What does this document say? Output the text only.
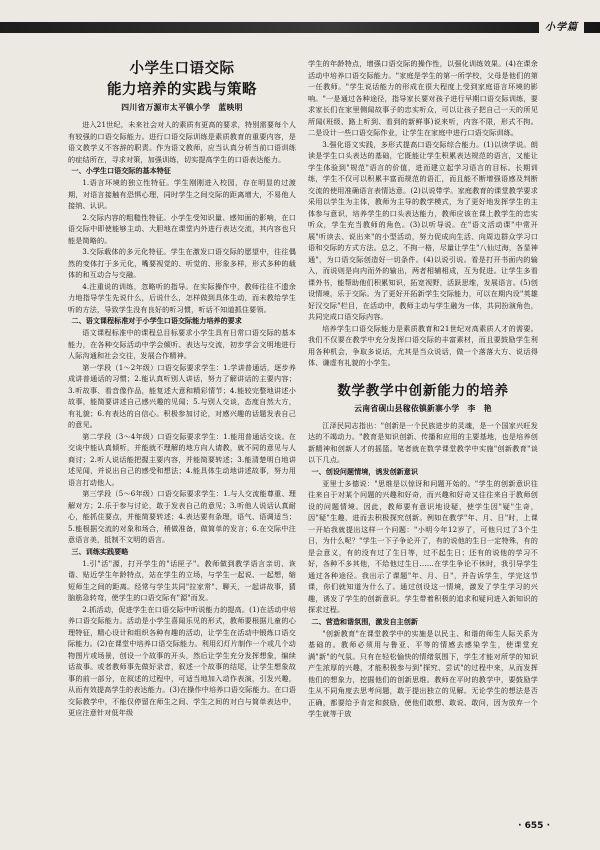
小学篇
小学生口语交际
能力培养的实践与策略
四川省万源市太平镇小学　蓝映明

进入21世纪，未来社会对人的素质有更高的要求，特别需要每个人有较强的口语交际能力。进行口语交际训练是素质教育的重要内容，是语文教学义不容辞的职责。作为语文教师，应当认真分析当前口语训练的症结所在，寻求对策，加强训练，切实提高学生的口语表达能力。

一、小学生口语交际的基本特征

1.语言环境的独立性特征。学生刚刚进入校园，存在明显的过渡期，对语言接触有恐惧心理，同时学生之间交际的距离增大，不易他人接纳、认识。

2.交际内容的粗糙性特征。小学生受知识量、感知面的影响，在口语交际中即使能够主动、大胆地在课堂内外进行表达交流，其内容也只能是简略的。

3.交际载体的多元化特征。学生在激发口语交际的愿望中，往往偶然的变体打于多元化，嘴要视觉的、听觉的、形象多样，形式多种的载体的和互动合与交融。

4.注重说的训练，忽略听的指导。在实际操作中，教师往往不遗余力地指导学生先说什么，后说什么，怎样做到具体生动，而未教给学生听的方法，导致学生没有良好的听习惯，听话不知道抓住要领。

二、语文课程标准对于小学生口语交际能力培养的要求

语文课程标准中的课程总目标要求小学生具有日常口语交际的基本能力，在各种交际活动中学会倾听、表达与交流，初步学会文明地进行人际沟通和社会交往，发展合作精神。

第一学段（1～2年级）口语交际要求学生：1.学讲普通话，逐步养成讲普通话的习惯；2.能认真听别人讲话，努力了解讲话的主要内容；3.听故事、看音像作品，能复述大意和精彩情节；4.能较完整地讲述小故事，能简要讲述自己感兴趣的见闻；5.与别人交谈，态度自然大方，有礼貌；6.有表达的自信心。积极参加讨论，对感兴趣的话题发表自己的意见。

第二学段（3～4年级）口语交际要求学生：1.能用普通话交谈。在交谈中能认真倾听，并能就不理解的地方向人请教，就不同的意见与人商讨；2.听人说话能把握主要内容，并能简要转述；3.能清楚明白地讲述见闻，并说出自己的感受和想法；4.能具体生动地讲述故事，努力用语言打动他人。

第三学段（5～6年级）口语交际要求学生：1.与人交流能尊重、理解对方；2.乐于参与讨论，敢于发表自己的意见；3.听他人说话认真耐心，能抓住要点，并能简要转述；4.表达要有条理，语气、语调适当；5.能根据交流的对象和场合，稍做准备，做简单的发言；6.在交际中注意语言美，抵制不文明的语言。

三、训练实践要略

1.引"活"源，打开学生的"话匣子"。教师做到教学语言亲切、诙谐、贴近学生年龄特点，站在学生的立场，与学生一起说、一起想，缩短师生之间的距离。经常与学生共同"拉家常"、聊天，一起讲故事，猜脑筋急转弯，使学生的口语交际有"源"而发。

2.抓活动，促进学生在口语交际中听说能力的提高。(1)在活动中培养口语交际能力。活动是小学生喜闻乐见的形式，教师要根据儿童的心理特征，精心设计和组织各种有趣的活动，让学生在活动中锻炼口语交际能力。(2)在课堂中培养口语交际能力。利用幻灯片制作一个或几个动物图片或场景，创设一个故事的开头，然后让学生充分发挥想象，编续话故事。或者教师事先做好录音，叙述一个故事的结尾，让学生想象故事的前一部分，在叙述的过程中，可适当地加入动作表演，引发兴趣，从而有效提高学生的表达能力。(3)在操作中培养口语交际能力。在口语交际教学中，不能仅停留在师生之间、学生之间的对白与简单表达中，更应注意针对低年级

学生的年龄特点，增强口语交际的操作性，以强化训练效果。(4)在课余活动中培养口语交际能力。"家庭是学生的第一所学校，父母是他们的第一任教师。"学生说话能力的形成在很大程度上受到家庭语言环境的影响。"一是通过各种途径，指导家长要对孩子进行早期口语交际训练，要求家长们在家里侧闻故事子的忠实听众，可以让孩子把自己一天的所见所闻(班级、路上听到、看到的新鲜事)说来听，内容不限，形式不拘。二是设计一些口语交际作业，让学生在家庭中进行口语交际训练。

3.强化语文实践，多形式提高口语交际综合能力。(1)以读学说。朗读是学生口头表达的基础，它既能让学生积累表达规范的语言，又能让学生体验到"规范"语言的价值，进而建立起学习语言的目标。长期训练，学生不仅可以积累丰富而规范的语汇，而且能不断增强语感及判断交流的使用准确语言表情达意。(2)以说带学。家庭教育的课堂教学要求采用以学生为主体，教师为主导的教学模式，为了更好地发挥学生的主体参与意识，培养学生的口头表达能力，教师应该在课上教学生的忠实听众，学生充当教师的角色。(3)以听导说。在"语文活动课"中常开展"听读去、说出来"的小型活动，努力促成向生活、向周边群众学习口语和交际的方式方法。总之，不拘一格，尽量让学生"八仙过海，各显神通"，为口语交际创造好一切条件。(4)以说引说。看是打开书面内的输入，而说则是向内而外的输出，两者相辅相成，互为促进。让学生多看课外书，能帮助他们积累知识，拓宽视野，活跃思维，发展语言。(5)创设情境，乐于交际。为了更好开拓新学生交际能力，可以在期内设"英雄好汉交际"栏目，在活动中，教师主动与学生融为一体，共同扮演角色，共同完成口语交际内容。

培养学生口语交际能力是素质教育和21世纪对高素质人才的需要。我们不仅要在教学中充分发挥口语交际的丰富素材，而且要鼓励学生利用各种机会，争取多说话，尤其是当众说话，做一个落落大方、说话得体、谦虚有礼貌的小学生。

数学教学中创新能力的培养
云南省砚山县稼依镇新寨小学　李　艳

江泽民同志指出："创新是一个民族进步的灵魂，是一个国家兴旺发达的不竭动力。"教育是知识创新、传播和应用的主要基地，也是培养创新精神和创新人才的摇篮。笔者就在数学课堂教学中实施"创新教育"谈以下几点。

一、创设问题情境，诱发创新意识

亚里士多德说："思维是以惊讶和问题开始的。"学生的创新意识往往来自于对某个问题的兴趣和好奇，而兴趣和好奇又往往来自于教师创设的问题情境。因此，教师要有意识地设疑，使学生因"疑"生奇，因"疑"生趣，进而去积极探究创新。例如在教学"年、月、日"时，上课一开始我就提出这样一个问题："小明今年12岁了，可他只过了3个生日，为什么呢？"学生一下子争论开了，有的说他的生日一定特殊，有的是会意义，有的没有过了生日等，过不起生日；还有的说他的学习不好，各种不多其他，不给他过生日……在学生争论不休时，我引导学生通过各种途径。我出示了课题"年、月、日"，并告诉学生，学完这节课，你们就知道为什么了。通过创设这一情境，激发了学生学习的兴趣，诱发了学生的创新意识。学生带着积极的追求和疑问进入新知识的探求过程。

二、营造和谐氛围，激发自主创新

"创新教育"在课堂教学中的实施是以民主、和谐的师生人际关系为基础的。教师必须用与鲁亚、平等的情感去感染学生，使课堂充满"新"的气氛。只有在轻松愉快的情绪氛围下，学生才能对所学的知识产生浓厚的兴趣，才能积极参与到"探究、尝试"的过程中来，从而发挥他们的想象力，挖掘他们的创新思维。教师在平时的教学中，要鼓励学生从不同角度去思考问题，敢于提出独立的见解。无论学生的想法是否正确，都要给予肯定和鼓励，使他们敢想、敢说、敢问，因为放弃一个学生就等于放

· 655 ·
